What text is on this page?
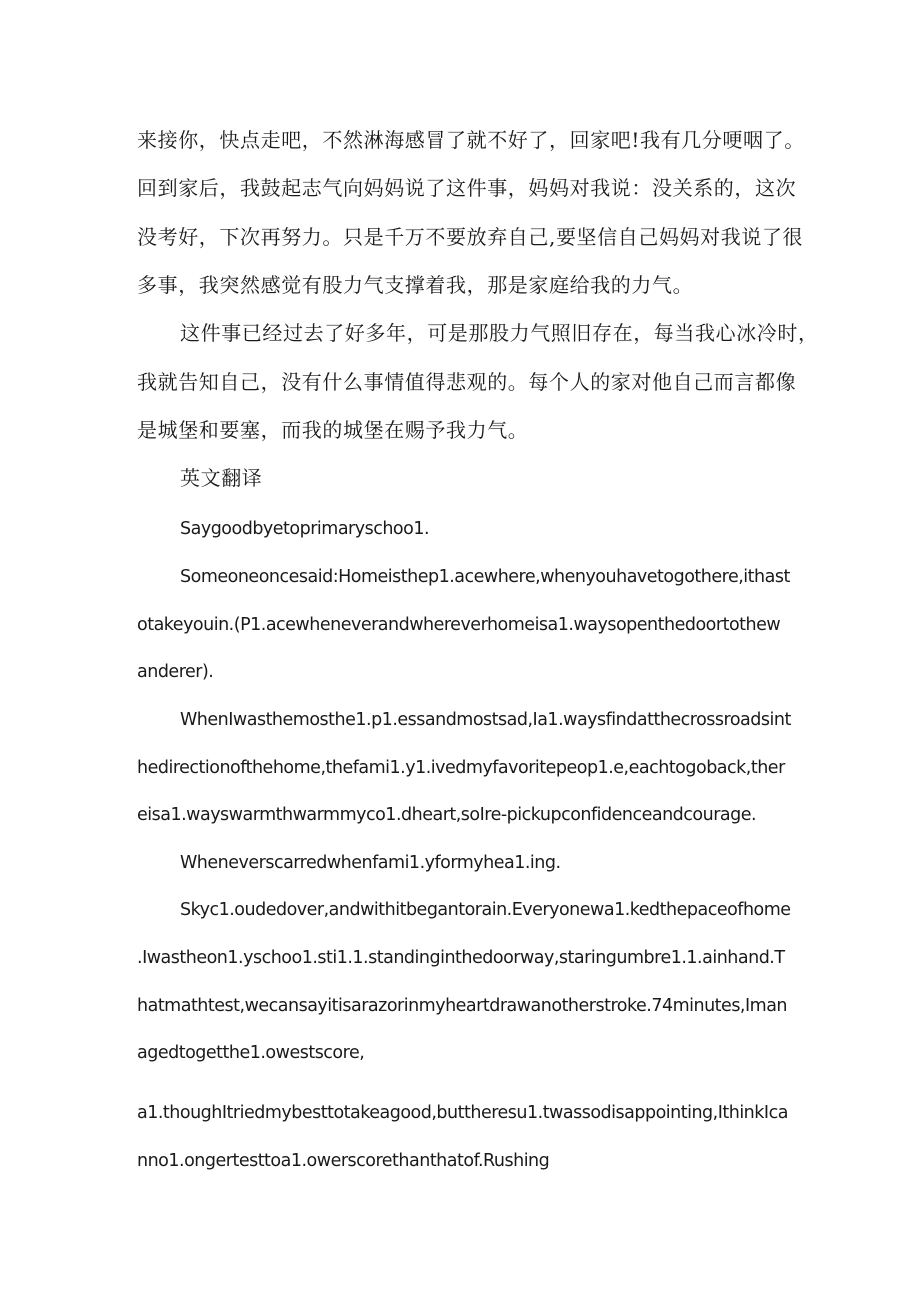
来接你，快点走吧，不然淋海感冒了就不好了，回家吧!我有几分哽咽了。
回到家后，我鼓起志气向妈妈说了这件事，妈妈对我说：没关系的，这次
没考好，下次再努力。只是千万不要放弃自己,要坚信自己妈妈对我说了很
多事，我突然感觉有股力气支撑着我，那是家庭给我的力气。
这件事已经过去了好多年，可是那股力气照旧存在，每当我心冰冷时，
我就告知自己，没有什么事情值得悲观的。每个人的家对他自己而言都像
是城堡和要塞，而我的城堡在赐予我力气。
英文翻译
Saygoodbyetoprimaryschoo1.
Someoneoncesaid:Homeisthep1.acewhere,whenyouhavetogothere,ithast
otakeyouin.(P1.acewheneverandwhereverhomeisa1.waysopenthedoortothew
anderer).
WhenIwasthemosthe1.p1.essandmostsad,Ia1.waysfindatthecrossroadsint
hedirectionofthehome,thefami1.y1.ivedmyfavoritepeop1.e,eachtogoback,ther
eisa1.wayswarmthwarmmyco1.dheart,soIre-pickupconfidenceandcourage.
Wheneverscarredwhenfami1.yformyhea1.ing.
Skyc1.oudedover,andwithitbegantorain.Everyonewa1.kedthepaceofhome
.Iwastheon1.yschoo1.sti1.1.standinginthedoorway,staringumbre1.1.ainhand.T
hatmathtest,wecansayitisarazorinmyheartdrawanotherstroke.74minutes,Iman
agedtogetthe1.owestscore,
a1.thoughItriedmybesttotakeagood,buttheresu1.twassodisappointing,IthinkIca
nno1.ongertesttoa1.owerscorethanthatof.Rushing
